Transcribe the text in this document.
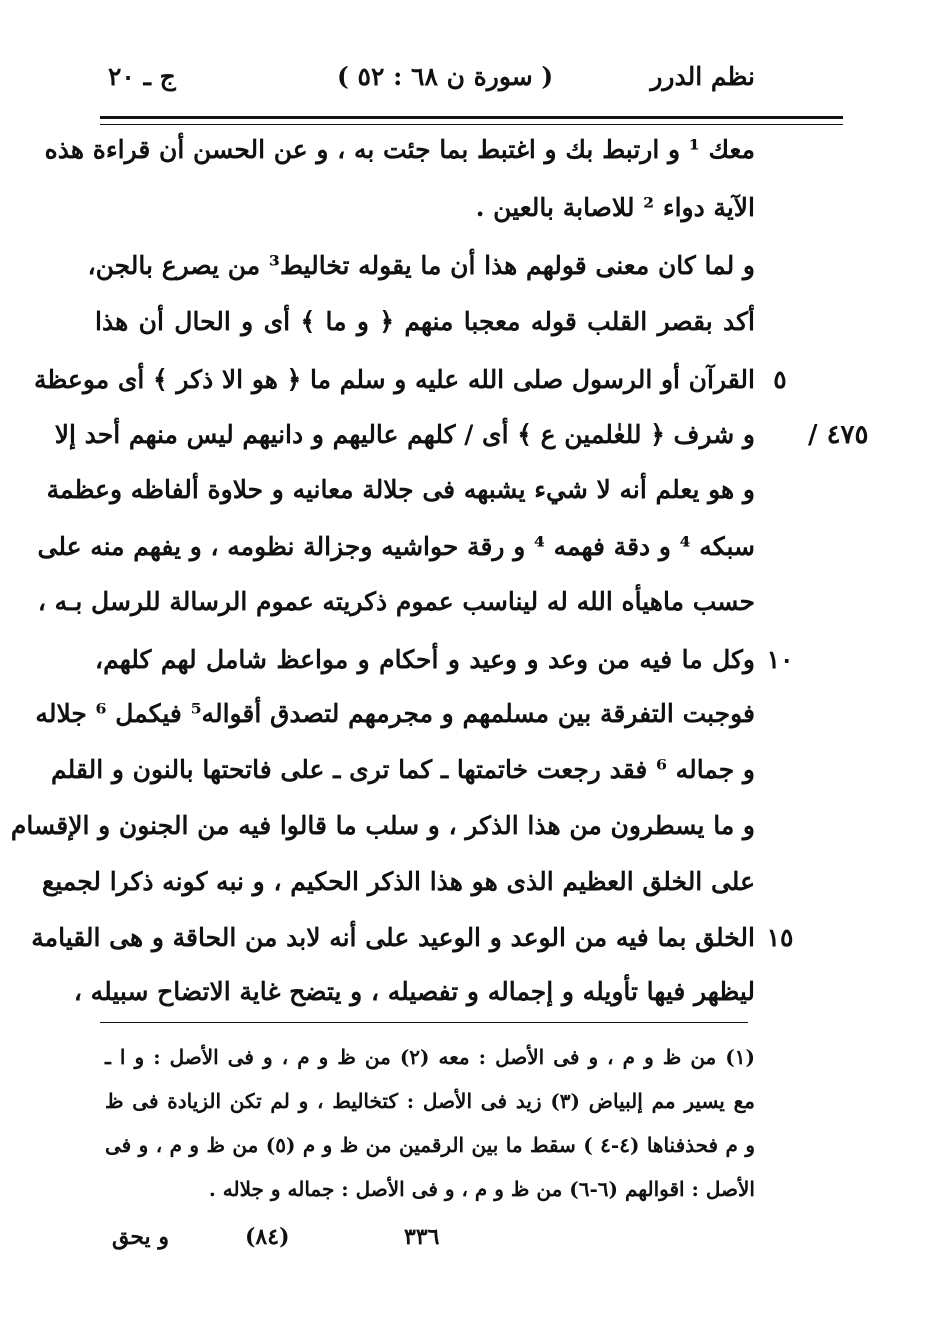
نظم الدرر
( سورة ن ٦٨ : ٥٢ )
ج ـ ٢٠
٤٧٥ /
معك ¹ و ارتبط بك و اغتبط بما جئت به ، و عن الحسن أن قراءة هذه
الآية دواء ² للاصابة بالعين .
و لما كان معنى قولهم هذا أن ما يقوله تخاليط³ من يصرع بالجن،
أكد بقصر القلب قوله معجبا منهم ﴿ و ما ﴾ أى و الحال أن هذا
٥
القرآن أو الرسول صلى الله عليه و سلم ما ﴿ هو الا ذكر ﴾ أى موعظة
و شرف ﴿ للعٰلمين ع ﴾ أى / كلهم عاليهم و دانيهم ليس منهم أحد إلا
و هو يعلم أنه لا شيء يشبهه فى جلالة معانيه و حلاوة ألفاظه وعظمة
سبكه ⁴ و دقة فهمه ⁴ و رقة حواشيه وجزالة نظومه ، و يفهم منه على
حسب ماهيأه الله له ليناسب عموم ذكريته عموم الرسالة للرسل بـه ،
١٠
وكل ما فيه من وعد و وعيد و أحكام و مواعظ شامل لهم كلهم،
فوجبت التفرقة بين مسلمهم و مجرمهم لتصدق أقواله⁵ فيكمل ⁶ جلاله
و جماله ⁶ فقد رجعت خاتمتها ـ كما ترى ـ على فاتحتها بالنون و القلم
و ما يسطرون من هذا الذكر ، و سلب ما قالوا فيه من الجنون و الإقسام
على الخلق العظيم الذى هو هذا الذكر الحكيم ، و نبه كونه ذكرا لجميع
١٥
الخلق بما فيه من الوعد و الوعيد على أنه لابد من الحاقة و هى القيامة
ليظهر فيها تأويله و إجماله و تفصيله ، و يتضح غاية الاتضاح سبيله ،
(١) من ظ و م ، و فى الأصل : معه (٢) من ظ و م ، و فى الأصل : و ا ـ
مع يسير مم إلبياض (٣) زيد فى الأصل : كتخاليط ، و لم تكن الزيادة فى ظ
و م فحذفناها (٤-٤ ) سقط ما بين الرقمين من ظ و م (٥) من ظ و م ، و فى
الأصل : اقوالهم (٦-٦) من ظ و م ، و فى الأصل : جماله و جلاله .
و يحق	(٨٤)	٣٣٦
